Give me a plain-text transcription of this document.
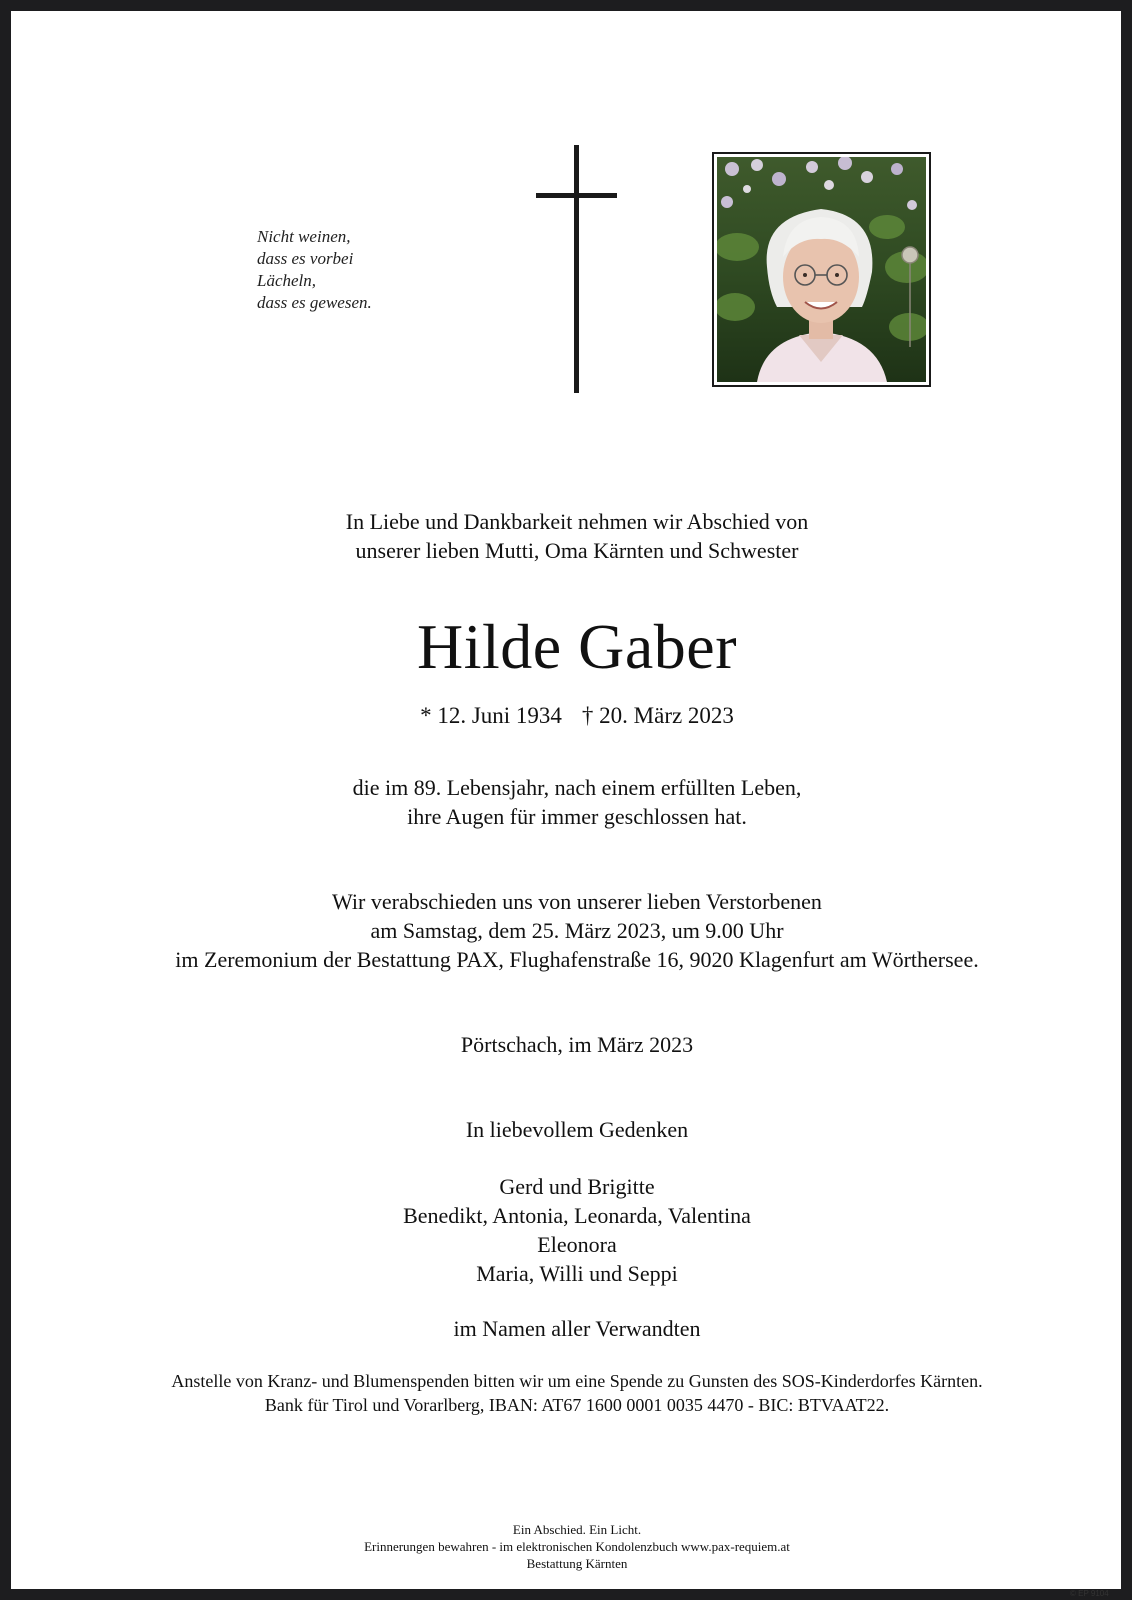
Nicht weinen,
dass es vorbei
Lächeln,
dass es gewesen.
In Liebe und Dankbarkeit nehmen wir Abschied von
unserer lieben Mutti, Oma Kärnten und Schwester
Hilde Gaber
* 12. Juni 1934 † 20. März 2023
die im 89. Lebensjahr, nach einem erfüllten Leben,
ihre Augen für immer geschlossen hat.
Wir verabschieden uns von unserer lieben Verstorbenen
am Samstag, dem 25. März 2023, um 9.00 Uhr
im Zeremonium der Bestattung PAX, Flughafenstraße 16, 9020 Klagenfurt am Wörthersee.
Pörtschach, im März 2023
In liebevollem Gedenken
Gerd und Brigitte
Benedikt, Antonia, Leonarda, Valentina
Eleonora
Maria, Willi und Seppi
im Namen aller Verwandten
Anstelle von Kranz- und Blumenspenden bitten wir um eine Spende zu Gunsten des SOS-Kinderdorfes Kärnten.
Bank für Tirol und Vorarlberg, IBAN: AT67 1600 0001 0035 4470 - BIC: BTVAAT22.
Ein Abschied. Ein Licht.
Erinnerungen bewahren - im elektronischen Kondolenzbuch www.pax-requiem.at
Bestattung Kärnten
© EP 9104
